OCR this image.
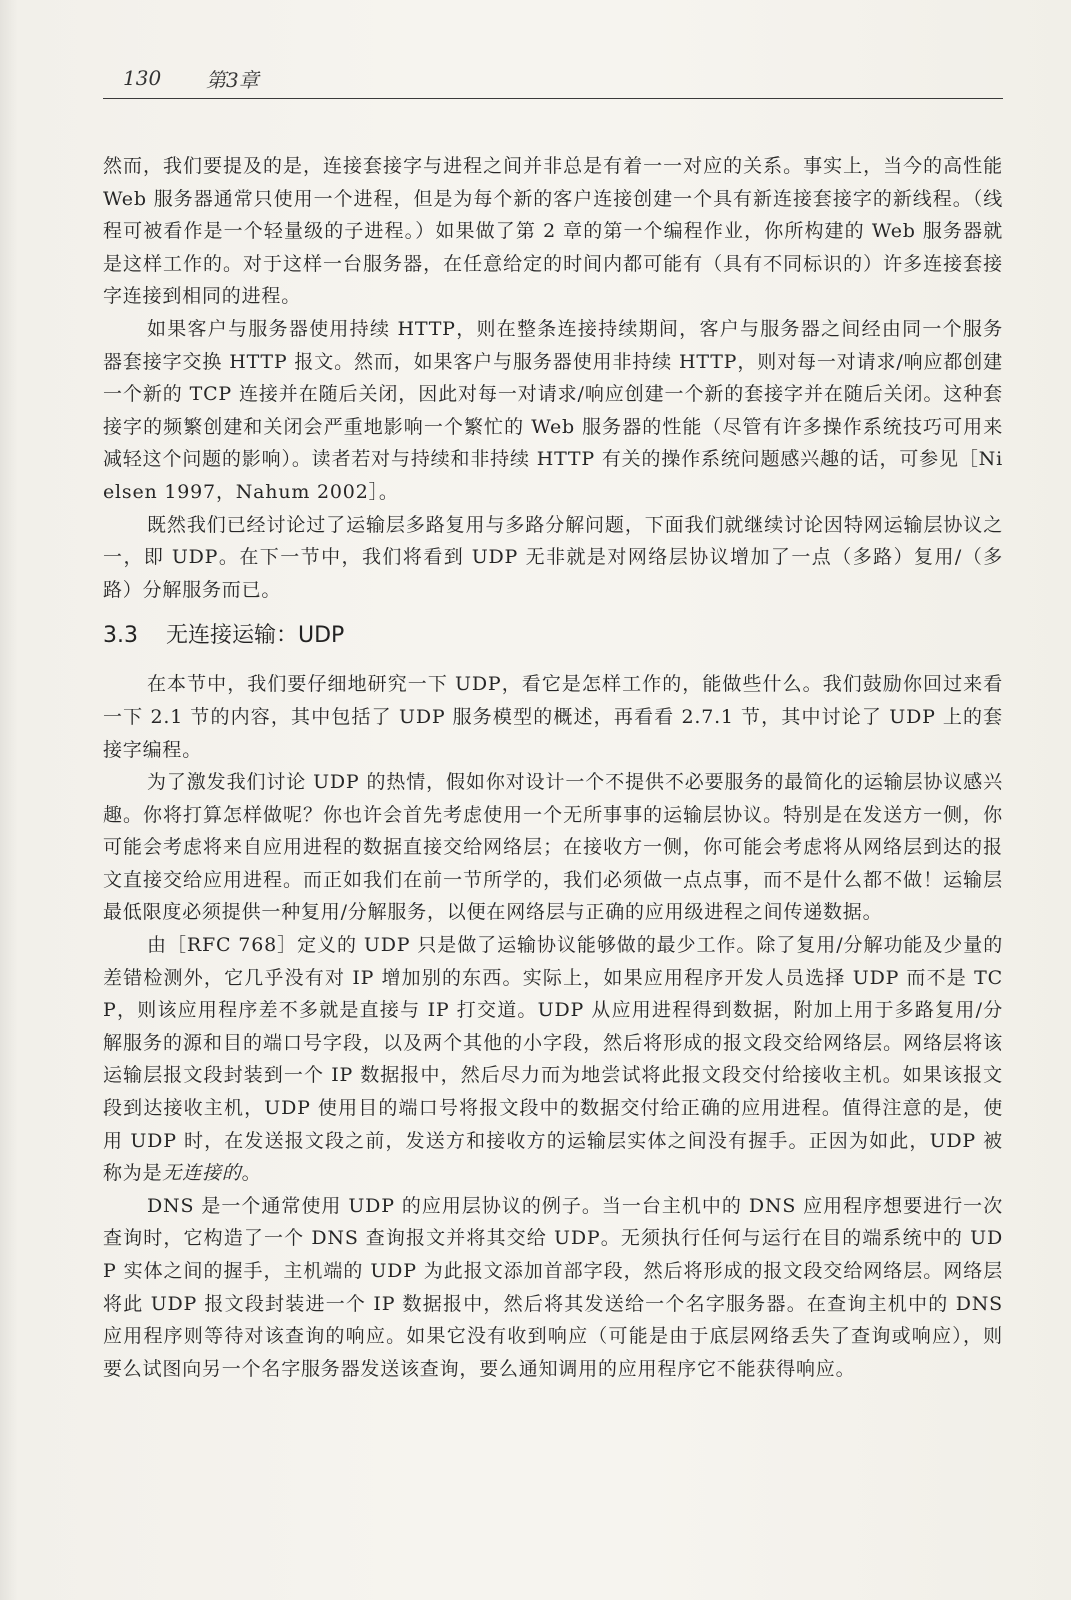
130 第3章

然而，我们要提及的是，连接套接字与进程之间并非总是有着一一对应的关系。事实上，当今的高性能 Web 服务器通常只使用一个进程，但是为每个新的客户连接创建一个具有新连接套接字的新线程。（线程可被看作是一个轻量级的子进程。）如果做了第 2 章的第一个编程作业，你所构建的 Web 服务器就是这样工作的。对于这样一台服务器，在任意给定的时间内都可能有（具有不同标识的）许多连接套接字连接到相同的进程。

如果客户与服务器使用持续 HTTP，则在整条连接持续期间，客户与服务器之间经由同一个服务器套接字交换 HTTP 报文。然而，如果客户与服务器使用非持续 HTTP，则对每一对请求/响应都创建一个新的 TCP 连接并在随后关闭，因此对每一对请求/响应创建一个新的套接字并在随后关闭。这种套接字的频繁创建和关闭会严重地影响一个繁忙的 Web 服务器的性能（尽管有许多操作系统技巧可用来减轻这个问题的影响）。读者若对与持续和非持续 HTTP 有关的操作系统问题感兴趣的话，可参见［Nielsen 1997，Nahum 2002］。

既然我们已经讨论过了运输层多路复用与多路分解问题，下面我们就继续讨论因特网运输层协议之一，即 UDP。在下一节中，我们将看到 UDP 无非就是对网络层协议增加了一点（多路）复用/（多路）分解服务而已。

3.3 无连接运输：UDP

在本节中，我们要仔细地研究一下 UDP，看它是怎样工作的，能做些什么。我们鼓励你回过来看一下 2.1 节的内容，其中包括了 UDP 服务模型的概述，再看看 2.7.1 节，其中讨论了 UDP 上的套接字编程。

为了激发我们讨论 UDP 的热情，假如你对设计一个不提供不必要服务的最简化的运输层协议感兴趣。你将打算怎样做呢？你也许会首先考虑使用一个无所事事的运输层协议。特别是在发送方一侧，你可能会考虑将来自应用进程的数据直接交给网络层；在接收方一侧，你可能会考虑将从网络层到达的报文直接交给应用进程。而正如我们在前一节所学的，我们必须做一点点事，而不是什么都不做！运输层最低限度必须提供一种复用/分解服务，以便在网络层与正确的应用级进程之间传递数据。

由［RFC 768］定义的 UDP 只是做了运输协议能够做的最少工作。除了复用/分解功能及少量的差错检测外，它几乎没有对 IP 增加别的东西。实际上，如果应用程序开发人员选择 UDP 而不是 TCP，则该应用程序差不多就是直接与 IP 打交道。UDP 从应用进程得到数据，附加上用于多路复用/分解服务的源和目的端口号字段，以及两个其他的小字段，然后将形成的报文段交给网络层。网络层将该运输层报文段封装到一个 IP 数据报中，然后尽力而为地尝试将此报文段交付给接收主机。如果该报文段到达接收主机，UDP 使用目的端口号将报文段中的数据交付给正确的应用进程。值得注意的是，使用 UDP 时，在发送报文段之前，发送方和接收方的运输层实体之间没有握手。正因为如此，UDP 被称为是无连接的。

DNS 是一个通常使用 UDP 的应用层协议的例子。当一台主机中的 DNS 应用程序想要进行一次查询时，它构造了一个 DNS 查询报文并将其交给 UDP。无须执行任何与运行在目的端系统中的 UDP 实体之间的握手，主机端的 UDP 为此报文添加首部字段，然后将形成的报文段交给网络层。网络层将此 UDP 报文段封装进一个 IP 数据报中，然后将其发送给一个名字服务器。在查询主机中的 DNS 应用程序则等待对该查询的响应。如果它没有收到响应（可能是由于底层网络丢失了查询或响应），则要么试图向另一个名字服务器发送该查询，要么通知调用的应用程序它不能获得响应。
